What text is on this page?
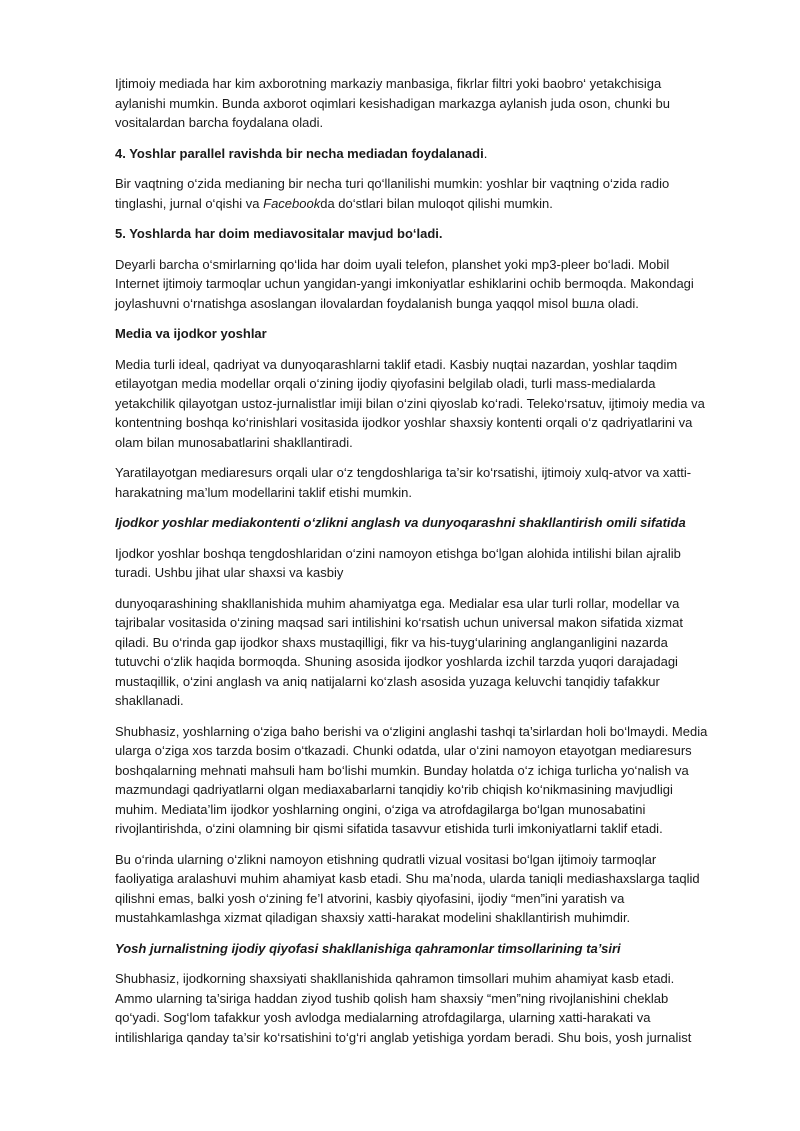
Ijtimoiy mediada har kim axborotning markaziy manbasiga, fikrlar filtri yoki baobro‘ yetakchisiga aylanishi mumkin. Bunda axborot oqimlari kesishadigan markazga aylanish juda oson, chunki bu vositalardan barcha foydalana oladi.

4. Yoshlar parallel ravishda bir necha mediadan foydalanadi.

Bir vaqtning o‘zida medianing bir necha turi qo‘llanilishi mumkin: yoshlar bir vaqtning o‘zida radio tinglashi, jurnal o‘qishi va Facebookda do‘stlari bilan muloqot qilishi mumkin.

5. Yoshlarda har doim mediavositalar mavjud bo‘ladi.

Deyarli barcha o‘smirlarning qo‘lida har doim uyali telefon, planshet yoki mp3-pleer bo‘ladi. Mobil Internet ijtimoiy tarmoqlar uchun yangidan-yangi imkoniyatlar eshiklarini ochib bermoqda. Makondagi joylashuvni o‘rnatishga asoslangan ilovalardan foydalanish bunga yaqqol misol bшла oladi.

Media va ijodkor yoshlar

Media turli ideal, qadriyat va dunyoqarashlarni taklif etadi. Kasbiy nuqtai nazardan, yoshlar taqdim etilayotgan media modellar orqali o‘zining ijodiy qiyofasini belgilab oladi, turli mass-medialarda yetakchilik qilayotgan ustoz-jurnalistlar imiji bilan o‘zini qiyoslab ko‘radi. Teleko‘rsatuv, ijtimoiy media va kontentning boshqa ko‘rinishlari vositasida ijodkor yoshlar shaxsiy kontenti orqali o‘z qadriyatlarini va olam bilan munosabatlarini shakllantiradi.

Yaratilayotgan mediaresurs orqali ular o‘z tengdoshlariga ta’sir ko‘rsatishi, ijtimoiy xulq-atvor va xatti-harakatning ma’lum modellarini taklif etishi mumkin.

Ijodkor yoshlar mediakontenti o‘zlikni anglash va dunyoqarashni shakllantirish omili sifatida

Ijodkor yoshlar boshqa tengdoshlaridan o‘zini namoyon etishga bo‘lgan alohida intilishi bilan ajralib turadi. Ushbu jihat ular shaxsi va kasbiy

dunyoqarashining shakllanishida muhim ahamiyatga ega. Medialar esa ular turli rollar, modellar va tajribalar vositasida o‘zining maqsad sari intilishini ko‘rsatish uchun universal makon sifatida xizmat qiladi. Bu o‘rinda gap ijodkor shaxs mustaqilligi, fikr va his-tuyg‘ularining anglanganligini nazarda tutuvchi o‘zlik haqida bormoqda. Shuning asosida ijodkor yoshlarda izchil tarzda yuqori darajadagi mustaqillik, o‘zini anglash va aniq natijalarni ko‘zlash asosida yuzaga keluvchi tanqidiy tafakkur shakllanadi.

Shubhasiz, yoshlarning o‘ziga baho berishi va o‘zligini anglashi tashqi ta’sirlardan holi bo‘lmaydi. Media ularga o‘ziga xos tarzda bosim o‘tkazadi. Chunki odatda, ular o‘zini namoyon etayotgan mediaresurs boshqalarning mehnati mahsuli ham bo‘lishi mumkin. Bunday holatda o‘z ichiga turlicha yo‘nalish va mazmundagi qadriyatlarni olgan mediaxabarlarni tanqidiy ko‘rib chiqish ko‘nikmasining mavjudligi muhim. Mediata’lim ijodkor yoshlarning ongini, o‘ziga va atrofdagilarga bo‘lgan munosabatini rivojlantirishda, o‘zini olamning bir qismi sifatida tasavvur etishida turli imkoniyatlarni taklif etadi.

Bu o‘rinda ularning o‘zlikni namoyon etishning qudratli vizual vositasi bo‘lgan ijtimoiy tarmoqlar faoliyatiga aralashuvi muhim ahamiyat kasb etadi. Shu ma’noda, ularda taniqli mediashaxslarga taqlid qilishni emas, balki yosh o‘zining fe’l atvorini, kasbiy qiyofasini, ijodiy “men”ini yaratish va mustahkamlashga xizmat qiladigan shaxsiy xatti-harakat modelini shakllantirish muhimdir.

Yosh jurnalistning ijodiy qiyofasi shakllanishiga qahramonlar timsollarining ta’siri

Shubhasiz, ijodkorning shaxsiyati shakllanishida qahramon timsollari muhim ahamiyat kasb etadi. Ammo ularning ta’siriga haddan ziyod tushib qolish ham shaxsiy “men”ning rivojlanishini cheklab qo‘yadi. Sog‘lom tafakkur yosh avlodga medialarning atrofdagilarga, ularning xatti-harakati va intilishlariga qanday ta’sir ko‘rsatishini to‘g‘ri anglab yetishiga yordam beradi. Shu bois, yosh jurnalist
